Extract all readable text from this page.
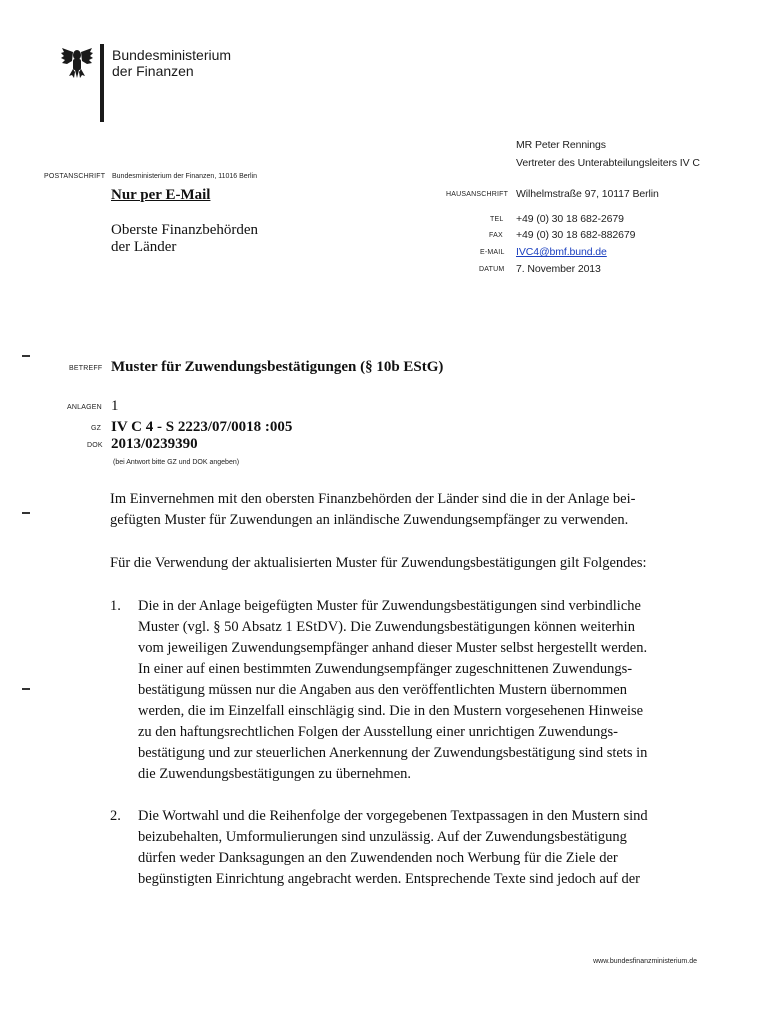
Bundesministerium
der Finanzen
MR Peter Rennings
Vertreter des Unterabteilungsleiters IV C
POSTANSCHRIFT Bundesministerium der Finanzen, 11016 Berlin
Nur per E-Mail
Oberste Finanzbehörden
der Länder
HAUSANSCHRIFT Wilhelmstraße 97, 10117 Berlin
TEL +49 (0) 30 18 682-2679
FAX +49 (0) 30 18 682-882679
E-MAIL IVC4@bmf.bund.de
DATUM 7. November 2013
BETREFF Muster für Zuwendungsbestätigungen (§ 10b EStG)
ANLAGEN 1
GZ IV C 4 - S 2223/07/0018 :005
DOK 2013/0239390
(bei Antwort bitte GZ und DOK angeben)
Im Einvernehmen mit den obersten Finanzbehörden der Länder sind die in der Anlage bei-
gefügten Muster für Zuwendungen an inländische Zuwendungsempfänger zu verwenden.
Für die Verwendung der aktualisierten Muster für Zuwendungsbestätigungen gilt Folgendes:
1. Die in der Anlage beigefügten Muster für Zuwendungsbestätigungen sind verbindliche
Muster (vgl. § 50 Absatz 1 EStDV). Die Zuwendungsbestätigungen können weiterhin
vom jeweiligen Zuwendungsempfänger anhand dieser Muster selbst hergestellt werden.
In einer auf einen bestimmten Zuwendungsempfänger zugeschnittenen Zuwendungs-
bestätigung müssen nur die Angaben aus den veröffentlichten Mustern übernommen
werden, die im Einzelfall einschlägig sind. Die in den Mustern vorgesehenen Hinweise
zu den haftungsrechtlichen Folgen der Ausstellung einer unrichtigen Zuwendungs-
bestätigung und zur steuerlichen Anerkennung der Zuwendungsbestätigung sind stets in
die Zuwendungsbestätigungen zu übernehmen.
2. Die Wortwahl und die Reihenfolge der vorgegebenen Textpassagen in den Mustern sind
beizubehalten, Umformulierungen sind unzulässig. Auf der Zuwendungsbestätigung
dürfen weder Danksagungen an den Zuwendenden noch Werbung für die Ziele der
begünstigten Einrichtung angebracht werden. Entsprechende Texte sind jedoch auf der
www.bundesfinanzministerium.de
